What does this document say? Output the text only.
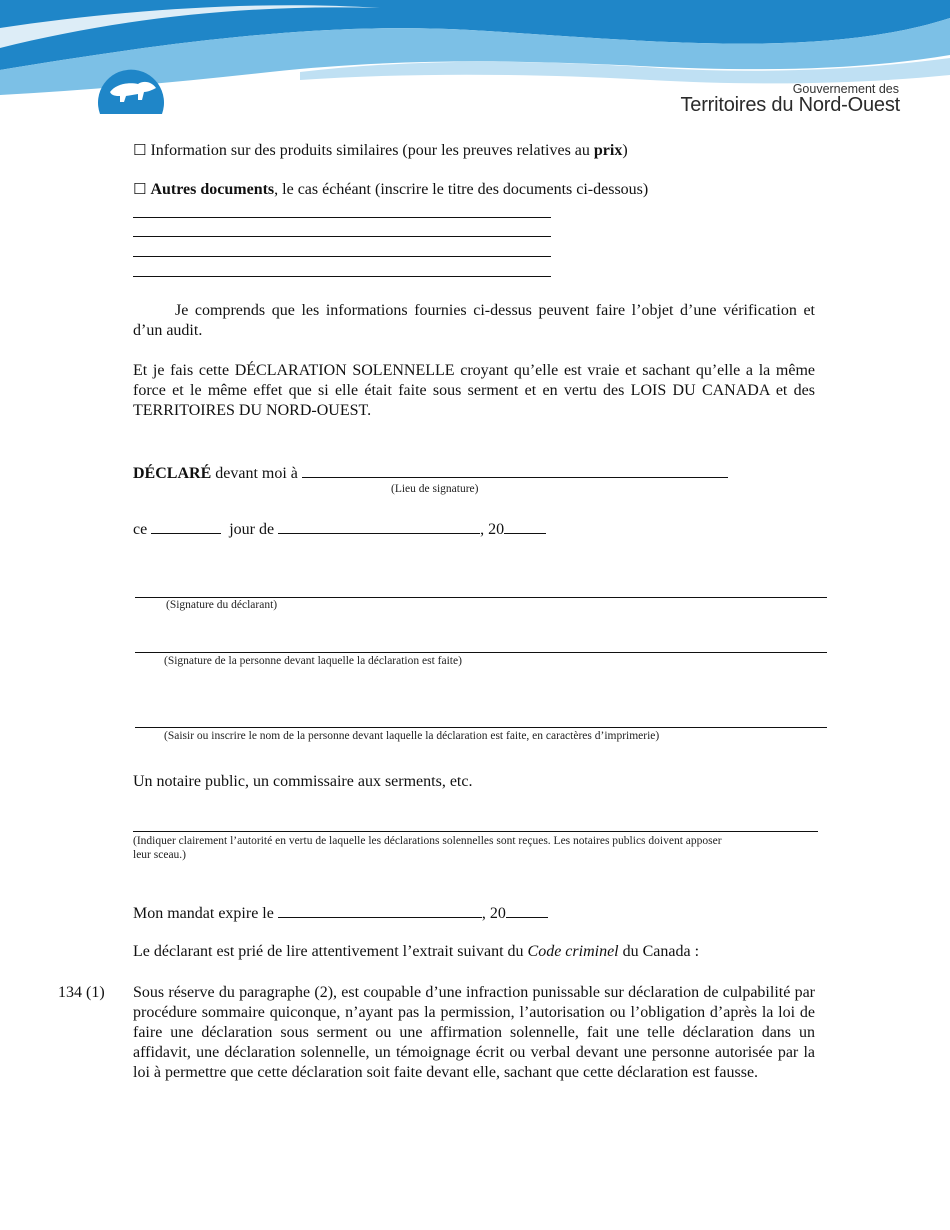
Gouvernement des
Territoires du Nord-Ouest
☐ Information sur des produits similaires (pour les preuves relatives au prix)
☐ Autres documents, le cas échéant (inscrire le titre des documents ci-dessous)
Je comprends que les informations fournies ci-dessus peuvent faire l’objet d’une vérification et d’un audit.
Et je fais cette DÉCLARATION SOLENNELLE croyant qu’elle est vraie et sachant qu’elle a la même force et le même effet que si elle était faite sous serment et en vertu des LOIS DU CANADA et des TERRITOIRES DU NORD-OUEST.
DÉCLARÉ devant moi à
(Lieu de signature)
ce	jour de	, 20
(Signature du déclarant)
(Signature de la personne devant laquelle la déclaration est faite)
(Saisir ou inscrire le nom de la personne devant laquelle la déclaration est faite, en caractères d’imprimerie)
Un notaire public, un commissaire aux serments, etc.
(Indiquer clairement l’autorité en vertu de laquelle les déclarations solennelles sont reçues. Les notaires publics doivent apposer
leur sceau.)
Mon mandat expire le	, 20
Le déclarant est prié de lire attentivement l’extrait suivant du Code criminel du Canada :
134 (1) Sous réserve du paragraphe (2), est coupable d’une infraction punissable sur déclaration de culpabilité par procédure sommaire quiconque, n’ayant pas la permission, l’autorisation ou l’obligation d’après la loi de faire une déclaration sous serment ou une affirmation solennelle, fait une telle déclaration dans un affidavit, une déclaration solennelle, un témoignage écrit ou verbal devant une personne autorisée par la loi à permettre que cette déclaration soit faite devant elle, sachant que cette déclaration est fausse.
